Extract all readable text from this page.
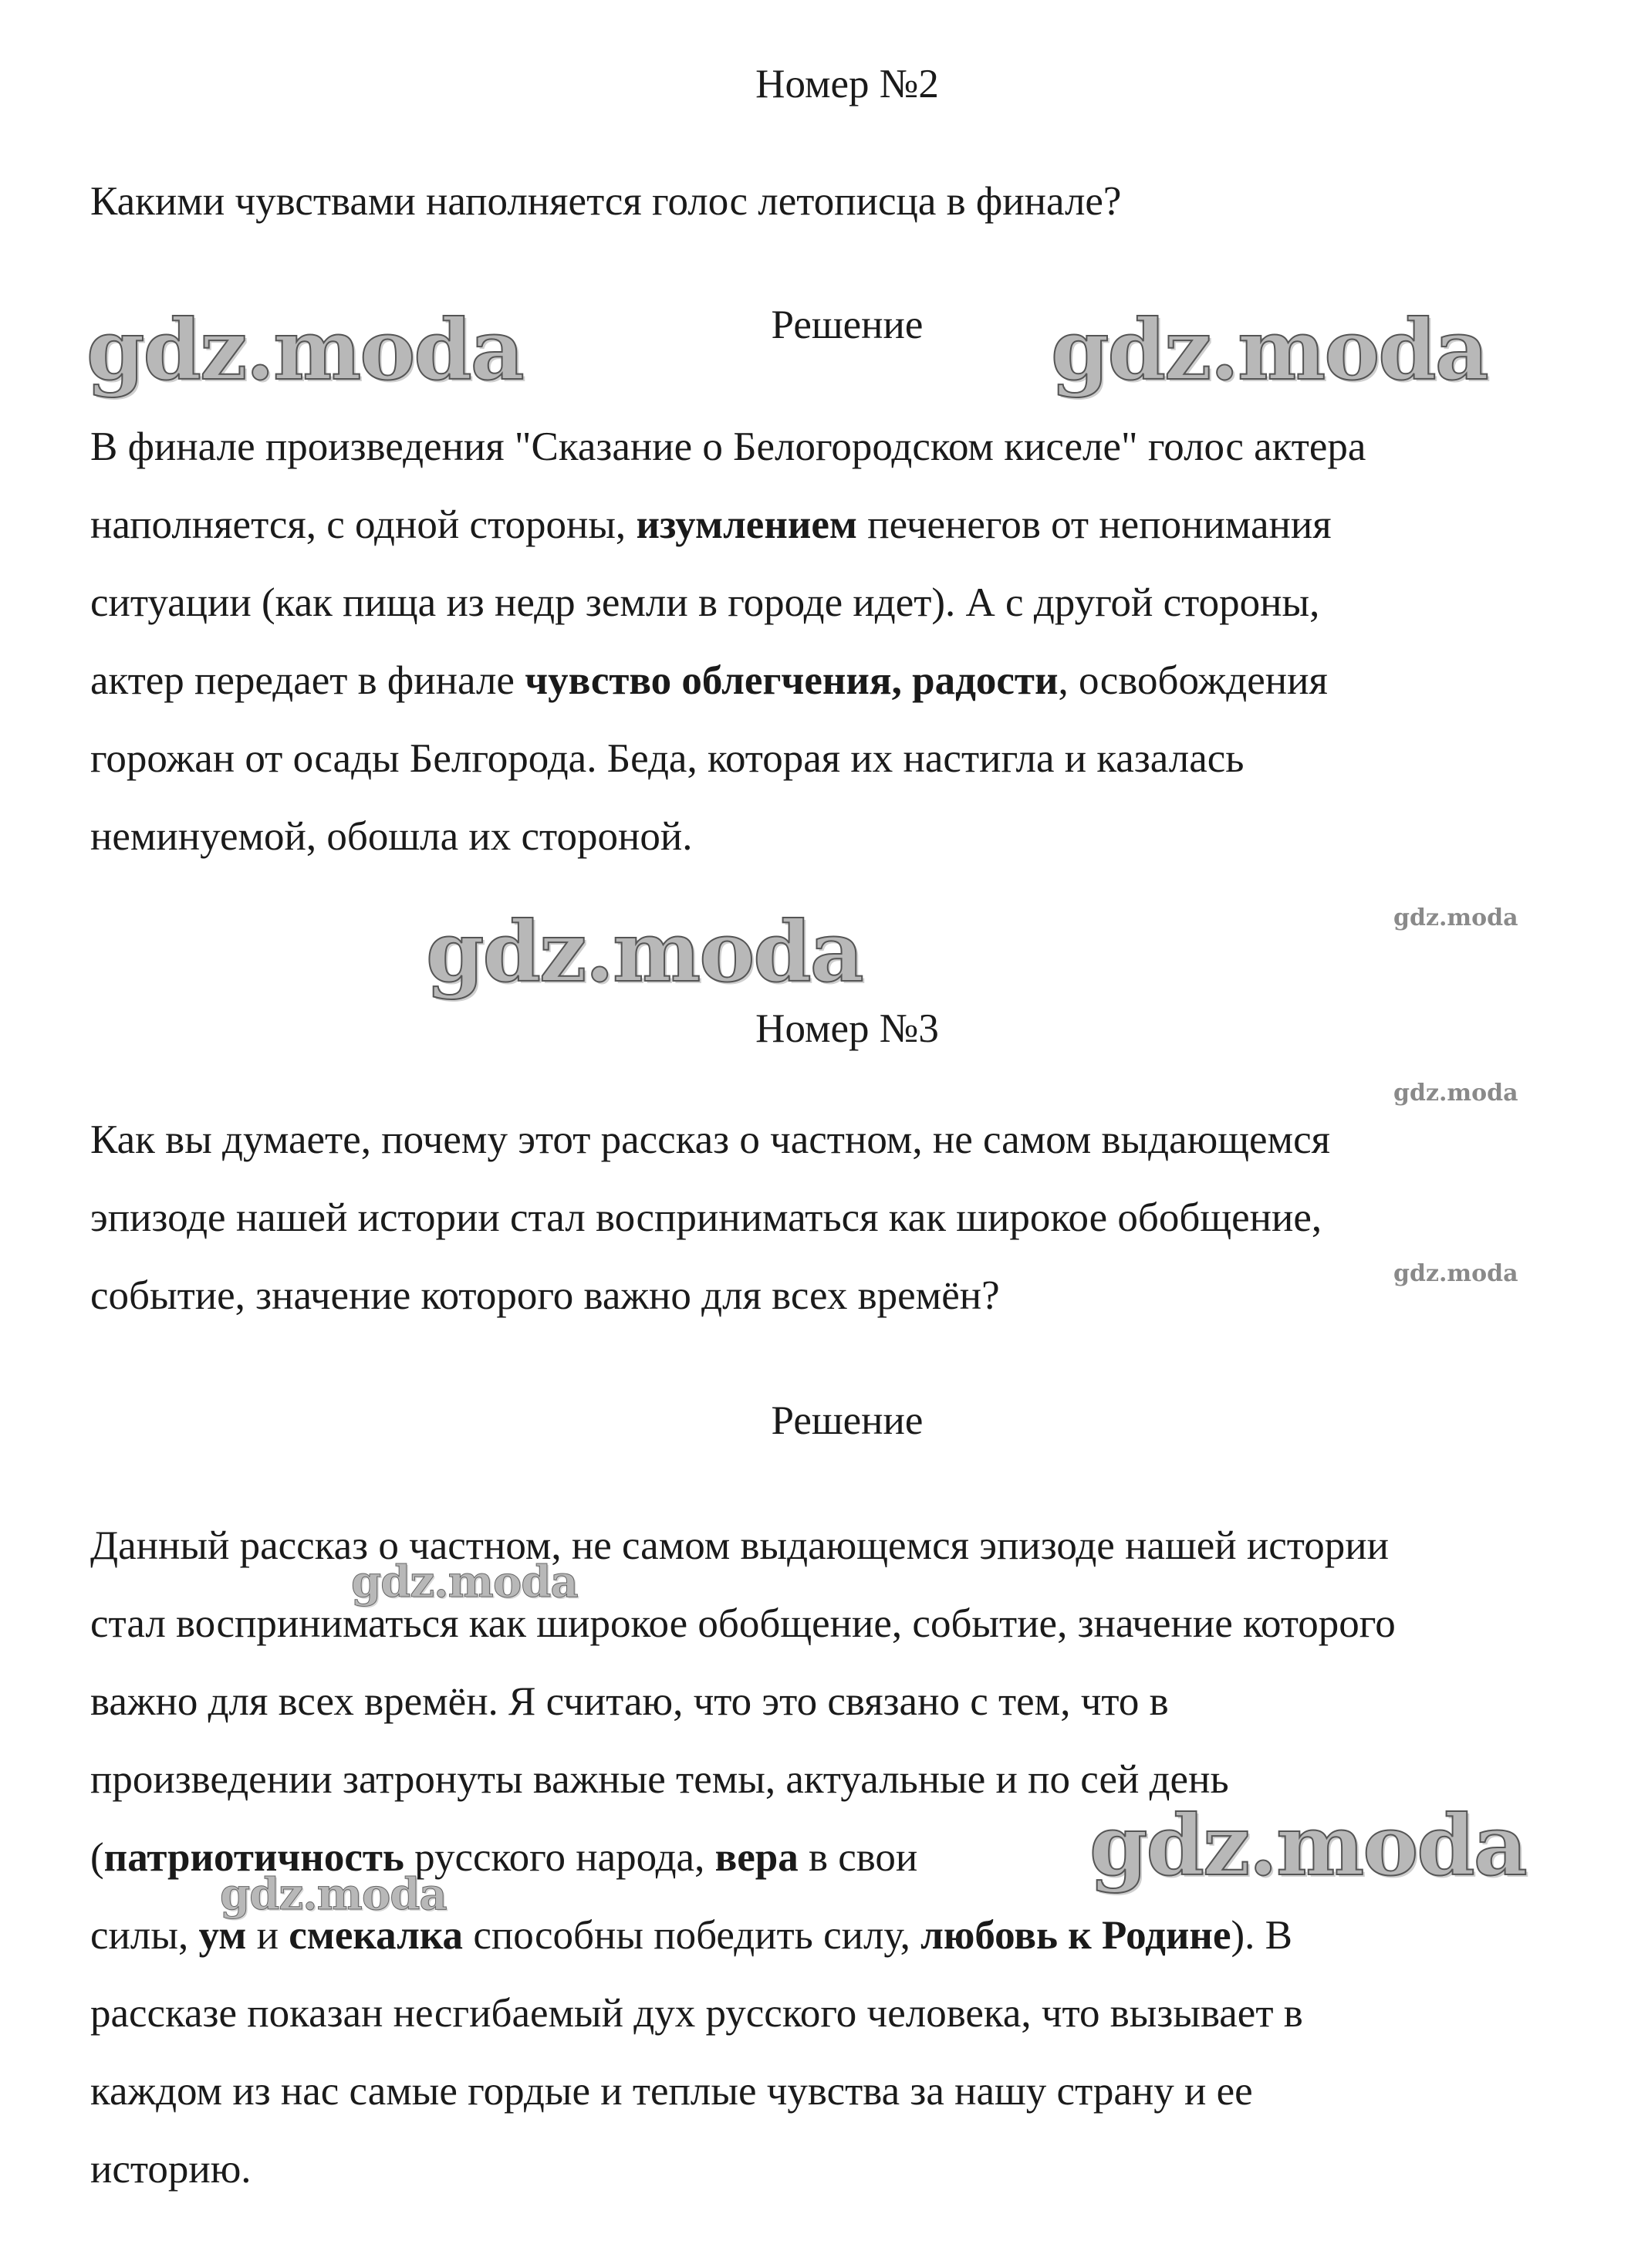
Номер №2

Какими чувствами наполняется голос летописца в финале?

Решение

В финале произведения "Сказание о Белогородском киселе" голос актера

наполняется, с одной стороны, изумлением печенегов от непонимания

ситуации (как пища из недр земли в городе идет). А с другой стороны,

актер передает в финале чувство облегчения, радости, освобождения

горожан от осады Белгорода. Беда, которая их настигла и казалась

неминуемой, обошла их стороной.

Номер №3

Как вы думаете, почему этот рассказ о частном, не самом выдающемся

эпизоде нашей истории стал восприниматься как широкое обобщение,

событие, значение которого важно для всех времён?

Решение

Данный рассказ о частном, не самом выдающемся эпизоде нашей истории

стал восприниматься как широкое обобщение, событие, значение которого

важно для всех времён. Я считаю, что это связано с тем, что в

произведении затронуты важные темы, актуальные и по сей день

(патриотичность русского народа, вера в свои

силы, ум и смекалка способны победить силу, любовь к Родине). В

рассказе показан несгибаемый дух русского человека, что вызывает в

каждом из нас самые гордые и теплые чувства за нашу страну и ее

историю.

gdz.moda	gdz.moda
gdz.moda
gdz.moda
gdz.moda
gdz.moda
gdz.moda
gdz.moda
gdz.moda
